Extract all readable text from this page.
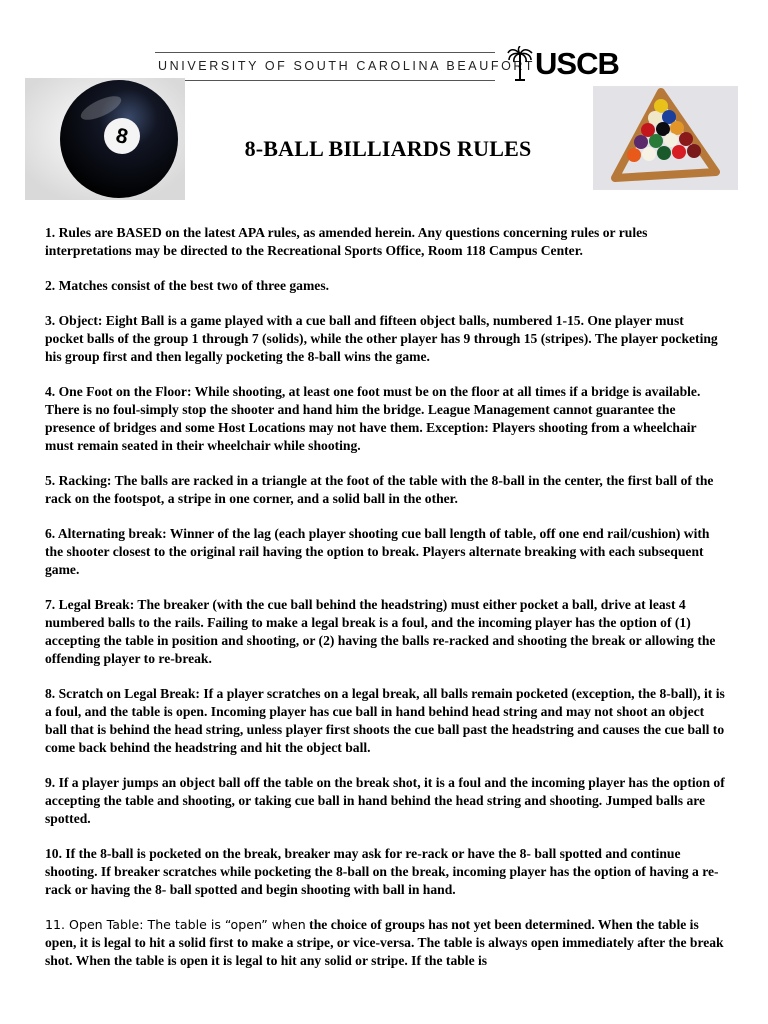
UNIVERSITY OF SOUTH CAROLINA BEAUFORT USCB
8	8-BALL BILLIARDS RULES

1. Rules are BASED on the latest APA rules, as amended herein. Any questions concerning rules or rules interpretations may be directed to the Recreational Sports Office, Room 118 Campus Center.

2. Matches consist of the best two of three games.

3. Object: Eight Ball is a game played with a cue ball and fifteen object balls, numbered 1-15. One player must pocket balls of the group 1 through 7 (solids), while the other player has 9 through 15 (stripes). The player pocketing his group first and then legally pocketing the 8-ball wins the game.

4. One Foot on the Floor: While shooting, at least one foot must be on the floor at all times if a bridge is available. There is no foul-simply stop the shooter and hand him the bridge. League Management cannot guarantee the presence of bridges and some Host Locations may not have them. Exception: Players shooting from a wheelchair must remain seated in their wheelchair while shooting.

5. Racking: The balls are racked in a triangle at the foot of the table with the 8-ball in the center, the first ball of the rack on the footspot, a stripe in one corner, and a solid ball in the other.

6. Alternating break: Winner of the lag (each player shooting cue ball length of table, off one end rail/cushion) with the shooter closest to the original rail having the option to break. Players alternate breaking with each subsequent game.

7. Legal Break: The breaker (with the cue ball behind the headstring) must either pocket a ball, drive at least 4 numbered balls to the rails. Failing to make a legal break is a foul, and the incoming player has the option of (1) accepting the table in position and shooting, or (2) having the balls re-racked and shooting the break or allowing the offending player to re-break.

8. Scratch on Legal Break: If a player scratches on a legal break, all balls remain pocketed (exception, the 8-ball), it is a foul, and the table is open. Incoming player has cue ball in hand behind head string and may not shoot an object ball that is behind the head string, unless player first shoots the cue ball past the headstring and causes the cue ball to come back behind the headstring and hit the object ball.

9. If a player jumps an object ball off the table on the break shot, it is a foul and the incoming player has the option of accepting the table and shooting, or taking cue ball in hand behind the head string and shooting. Jumped balls are spotted.

10. If the 8-ball is pocketed on the break, breaker may ask for re-rack or have the 8- ball spotted and continue shooting. If breaker scratches while pocketing the 8-ball on the break, incoming player has the option of having a re-rack or having the 8- ball spotted and begin shooting with ball in hand.

11. Open Table: The table is “open” when the choice of groups has not yet been determined. When the table is open, it is legal to hit a solid first to make a stripe, or vice-versa. The table is always open immediately after the break shot. When the table is open it is legal to hit any solid or stripe. If the table is
